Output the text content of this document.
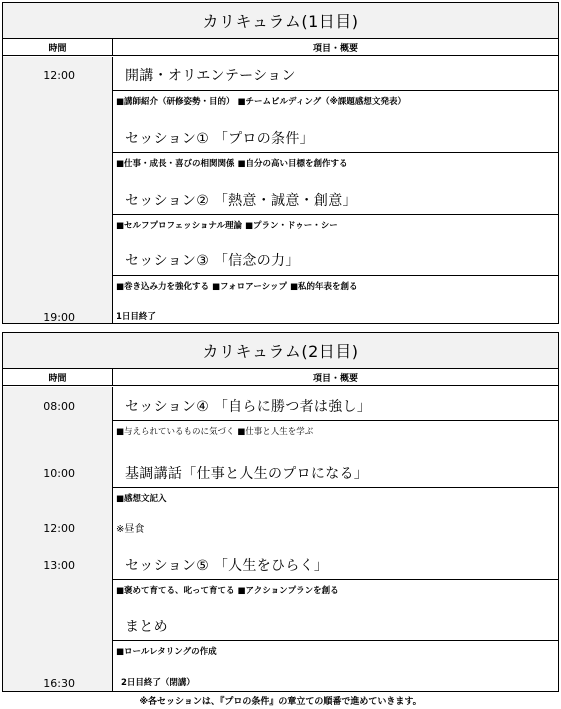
カリキュラム(1日目)
時間	項目・概要
12:00
19:00
開講・オリエンテーション
■講師紹介（研修姿勢・目的） ■チームビルディング（※課題感想文発表）
セッション① 「プロの条件」
■仕事・成長・喜びの相関関係 ■自分の高い目標を創作する
セッション② 「熱意・誠意・創意」
■セルフプロフェッショナル理論 ■プラン・ドゥー・シー
セッション③ 「信念の力」
■巻き込み力を強化する ■フォロアーシップ ■私的年表を創る
1日目終了
カリキュラム(2日目)
時間	項目・概要
08:00
10:00
12:00
13:00
16:30
セッション④ 「自らに勝つ者は強し」
■与えられているものに気づく ■仕事と人生を学ぶ
基調講話「仕事と人生のプロになる」
■感想文記入
※昼食
セッション⑤ 「人生をひらく」
■褒めて育てる、叱って育てる ■アクションプランを創る
まとめ
■ロールレタリングの作成
2日目終了（閉講）
※各セッションは、『プロの条件』の章立ての順番で進めていきます。
